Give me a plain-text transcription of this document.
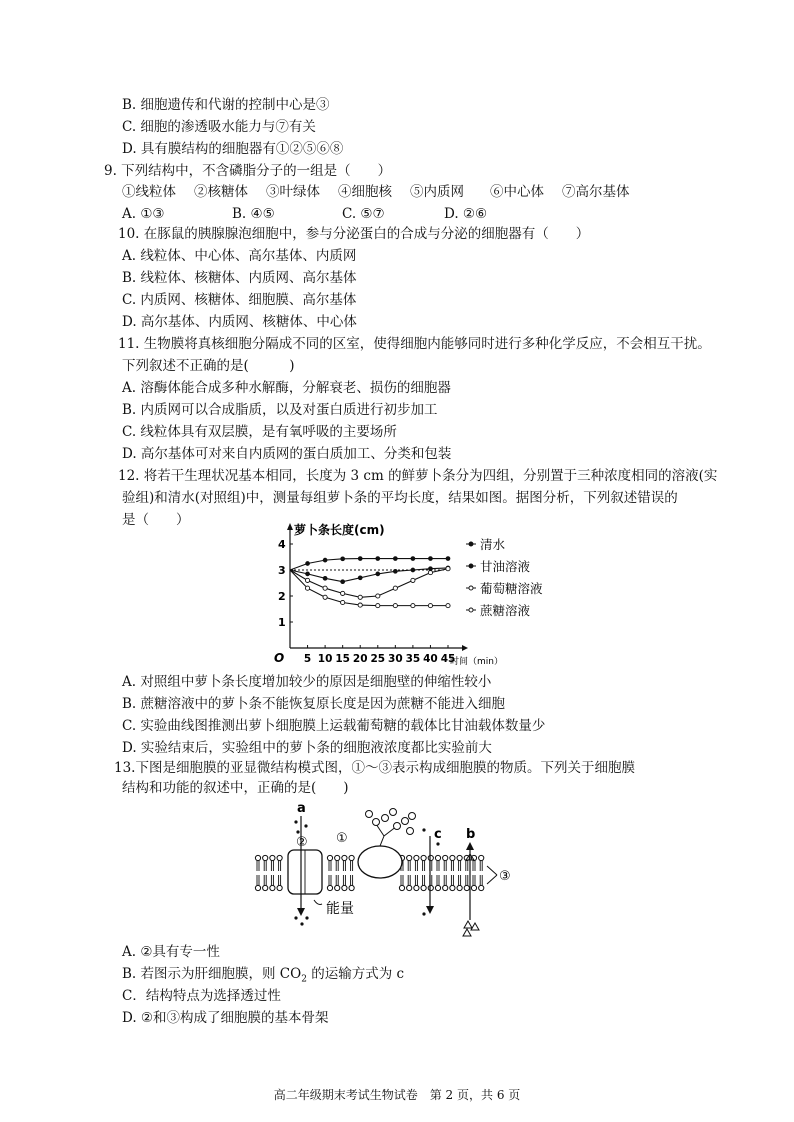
B. 细胞遗传和代谢的控制中心是③
C. 细胞的渗透吸水能力与⑦有关
D. 具有膜结构的细胞器有①②⑤⑥⑧
9. 下列结构中，不含磷脂分子的一组是（　　）
①线粒体 ②核糖体 ③叶绿体 ④细胞核 ⑤内质网 ⑥中心体 ⑦高尔基体
A. ①③	B. ④⑤	C. ⑤⑦	D. ②⑥
10. 在豚鼠的胰腺腺泡细胞中，参与分泌蛋白的合成与分泌的细胞器有（　　）
A. 线粒体、中心体、高尔基体、内质网
B. 线粒体、核糖体、内质网、高尔基体
C. 内质网、核糖体、细胞膜、高尔基体
D. 高尔基体、内质网、核糖体、中心体
11. 生物膜将真核细胞分隔成不同的区室，使得细胞内能够同时进行多种化学反应，不会相互干扰。
下列叙述不正确的是(　　　)
A. 溶酶体能合成多种水解酶，分解衰老、损伤的细胞器
B. 内质网可以合成脂质，以及对蛋白质进行初步加工
C. 线粒体具有双层膜，是有氧呼吸的主要场所
D. 高尔基体可对来自内质网的蛋白质加工、分类和包装
12. 将若干生理状况基本相同，长度为 3 cm 的鲜萝卜条分为四组，分别置于三种浓度相同的溶液(实
验组)和清水(对照组)中，测量每组萝卜条的平均长度，结果如图。据图分析，下列叙述错误的
是（　　）
萝卜条长度(cm)
时间（min）
O
1
2
3
4
5 10 15 20 25 30 35 40 45
清水
甘油溶液
葡萄糖溶液
蔗糖溶液
A. 对照组中萝卜条长度增加较少的原因是细胞壁的伸缩性较小
B. 蔗糖溶液中的萝卜条不能恢复原长度是因为蔗糖不能进入细胞
C. 实验曲线图推测出萝卜细胞膜上运载葡萄糖的载体比甘油载体数量少
D. 实验结束后，实验组中的萝卜条的细胞液浓度都比实验前大
13.下图是细胞膜的亚显微结构模式图，①～③表示构成细胞膜的物质。下列关于细胞膜
结构和功能的叙述中，正确的是(　　)
② ①
③
a
能量
c b
A. ②具有专一性
B. 若图示为肝细胞膜，则 $CO_2$ 的运输方式为 c
C．结构特点为选择透过性
D. ②和③构成了细胞膜的基本骨架
高二年级期末考试生物试卷　第 2 页，共 6 页
